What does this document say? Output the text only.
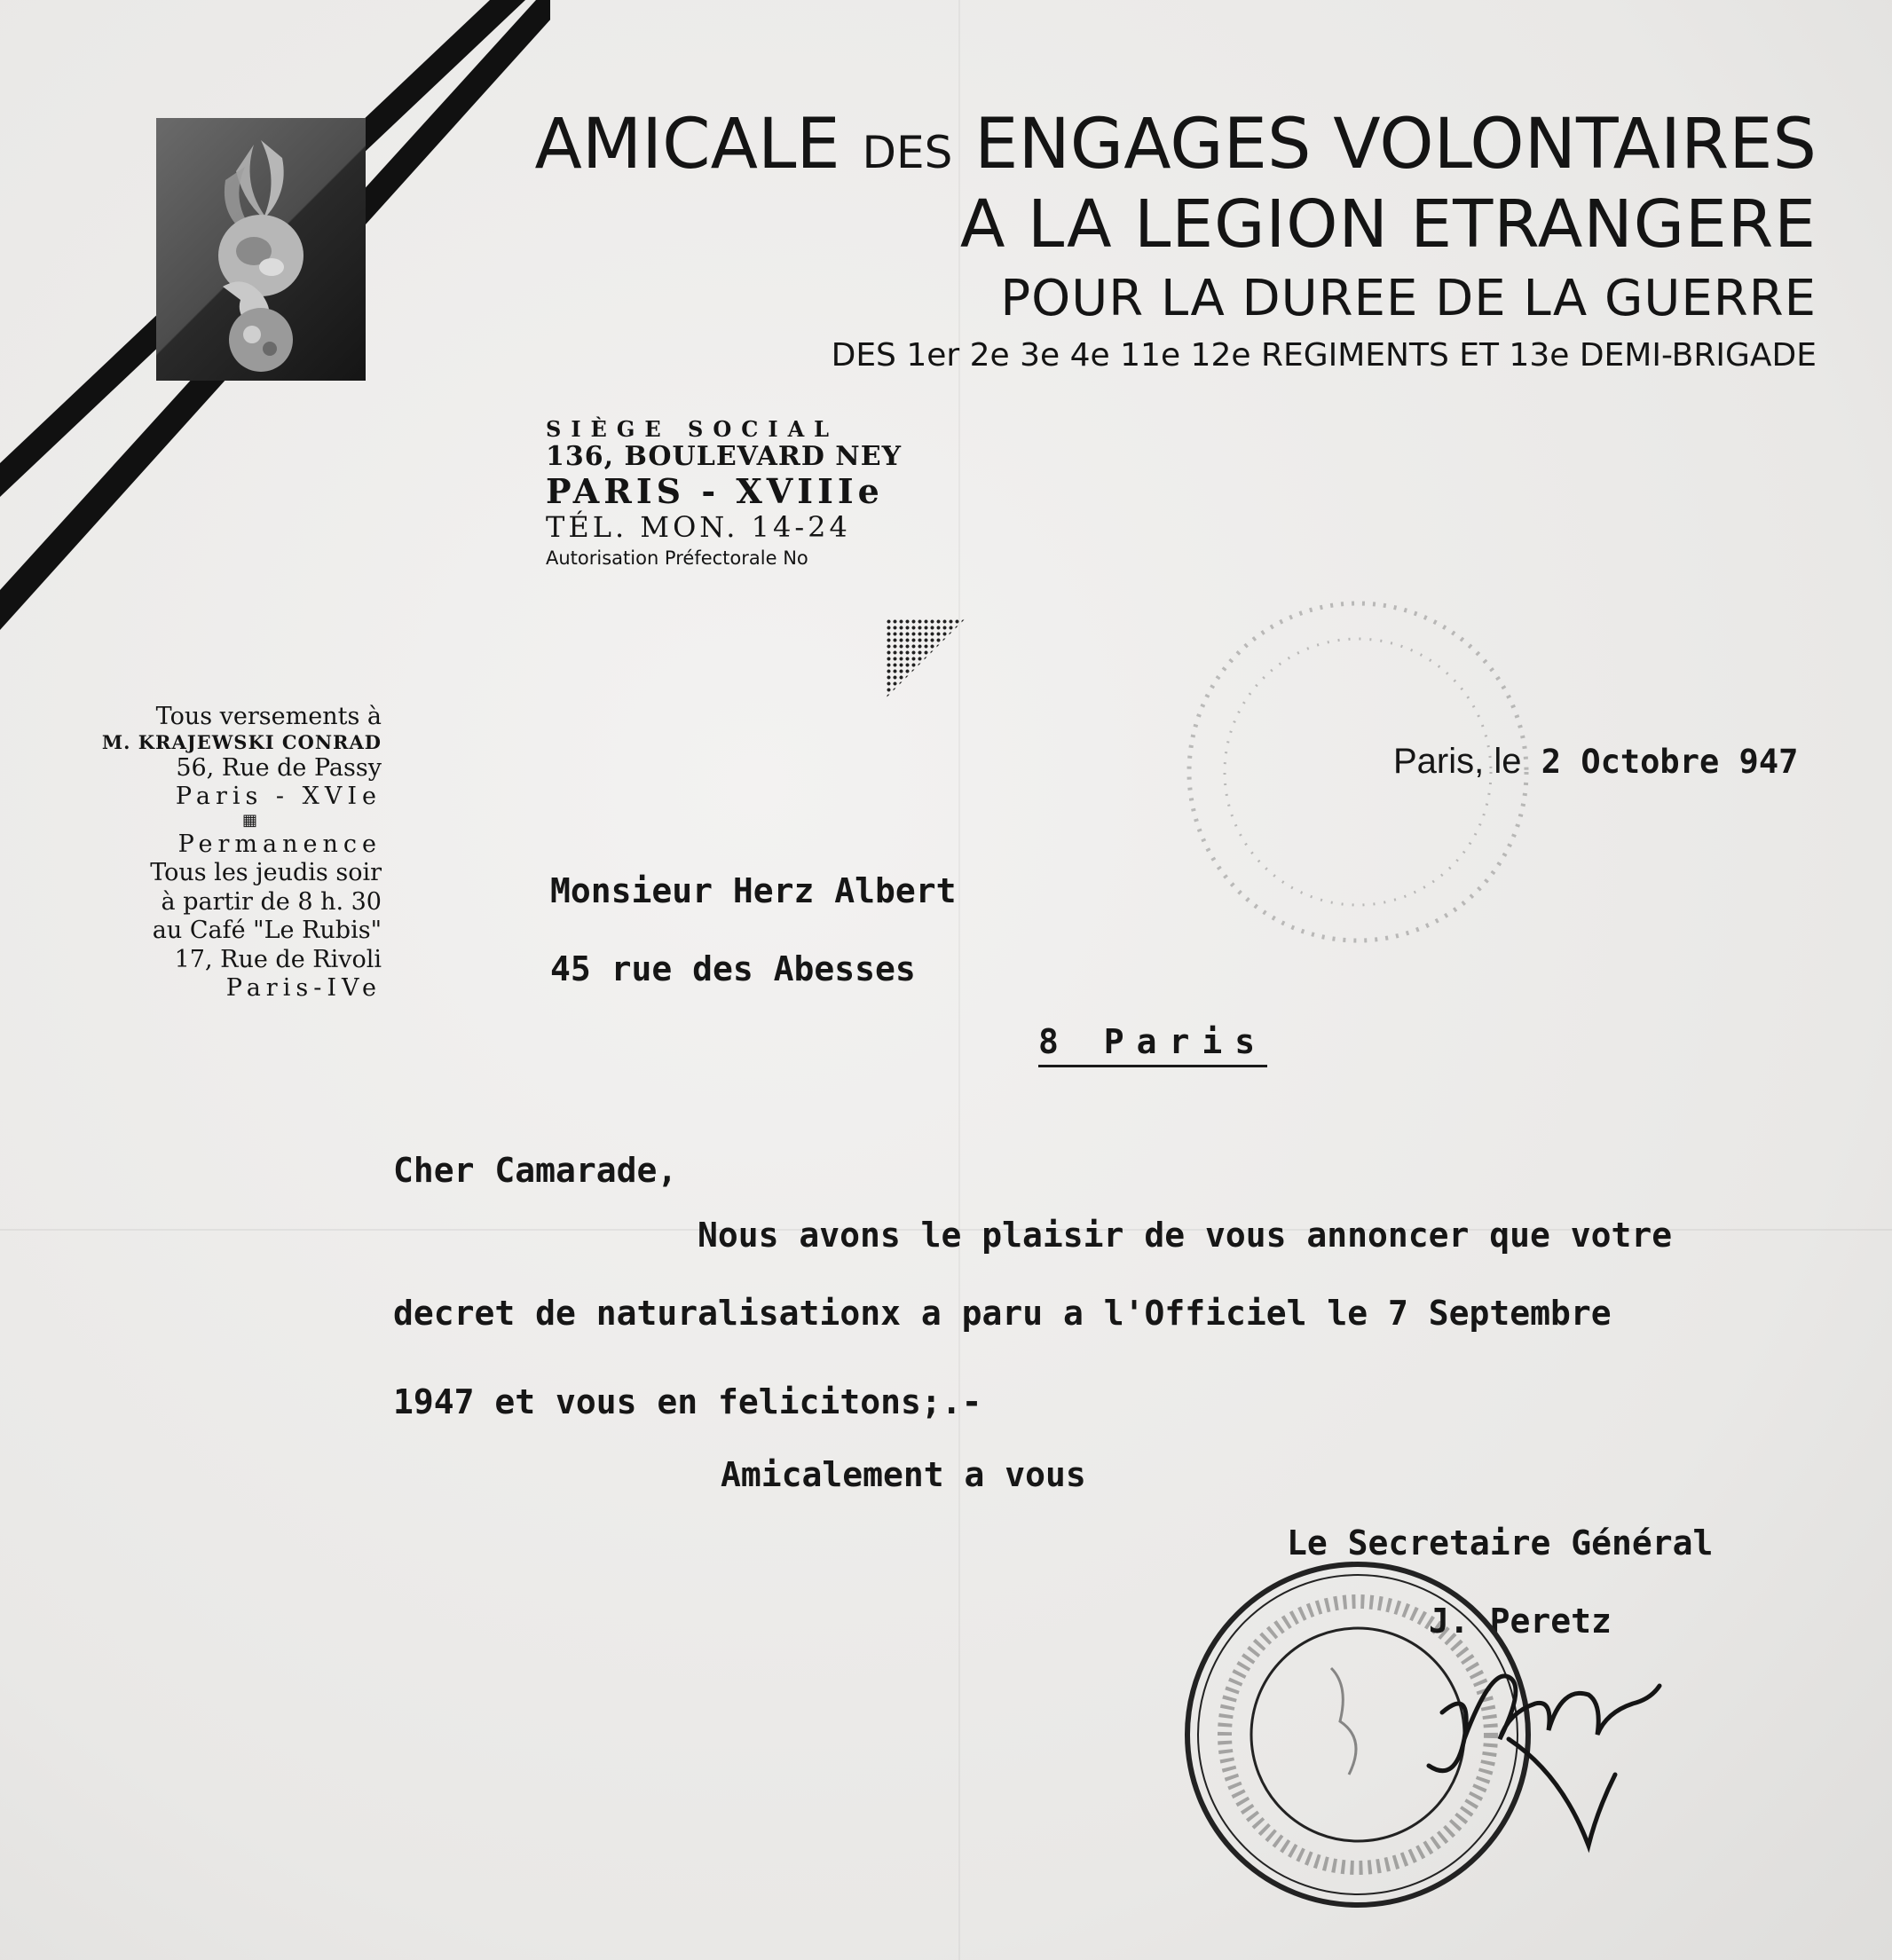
AMICALE DES ENGAGES VOLONTAIRES
A LA LEGION ETRANGERE
POUR LA DUREE DE LA GUERRE
DES 1er 2e 3e 4e 11e 12e REGIMENTS ET 13e DEMI-BRIGADE
SIÈGE SOCIAL
136, BOULEVARD NEY
PARIS - XVIIIe
TÉL. MON. 14-24
Autorisation Préfectorale No
Tous versements à
M. KRAJEWSKI CONRAD
56, Rue de Passy
Paris - XVIe
▦
Permanence
Tous les jeudis soir
à partir de 8 h. 30
au Café "Le Rubis"
17, Rue de Rivoli
Paris-IVe
Paris, le 2 Octobre 947
Monsieur Herz Albert
45 rue des Abesses
8 Paris
Cher Camarade,
Nous avons le plaisir de vous annoncer que votre
decret de naturalisationx a paru a l'Officiel le 7 Septembre
1947 et vous en felicitons;.-
Amicalement a vous
Le Secretaire Général
J. Peretz
